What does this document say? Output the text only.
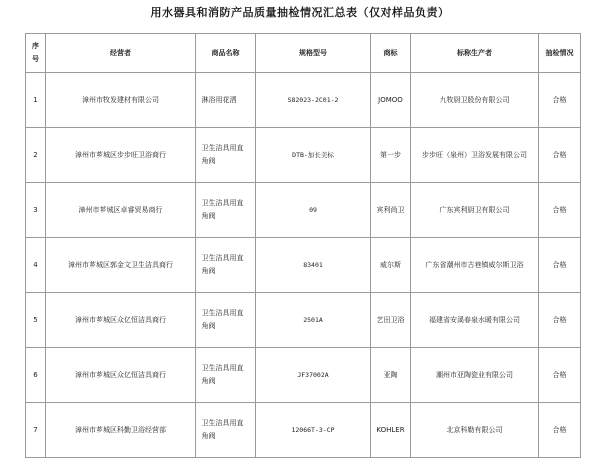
用水器具和消防产品质量抽检情况汇总表（仅对样品负责）
序
号	经营者	商品名称	规格型号	商标	标称生产者	抽检情况
1	漳州市牧发建材有限公司	淋浴用花洒	S82023-2C01-2	JOMOO	九牧厨卫股份有限公司	合格
2	漳州市芗城区步步旺卫浴商行	卫生洁具用直角阀	DTB-加长美标	第一步	步步旺（泉州）卫浴发展有限公司	合格
3	漳州市芗城区卓睿贸易商行	卫生洁具用直角阀	09	宾利尚卫	广东宾利厨卫有限公司	合格
4	漳州市芗城区郭金文卫生洁具商行	卫生洁具用直角阀	83401	威尔斯	广东省潮州市古巷镇威尔斯卫浴	合格
5	漳州市芗城区众亿恒洁具商行	卫生洁具用直角阀	2501A	艺田卫浴	福建省安溪春泉水暖有限公司	合格
6	漳州市芗城区众亿恒洁具商行	卫生洁具用直角阀	JF37002A	亚陶	潮州市亚陶瓷业有限公司	合格
7	漳州市芗城区科勤卫浴经营部	卫生洁具用直角阀	12066T-3-CP	KOHLER	北京科勒有限公司	合格
